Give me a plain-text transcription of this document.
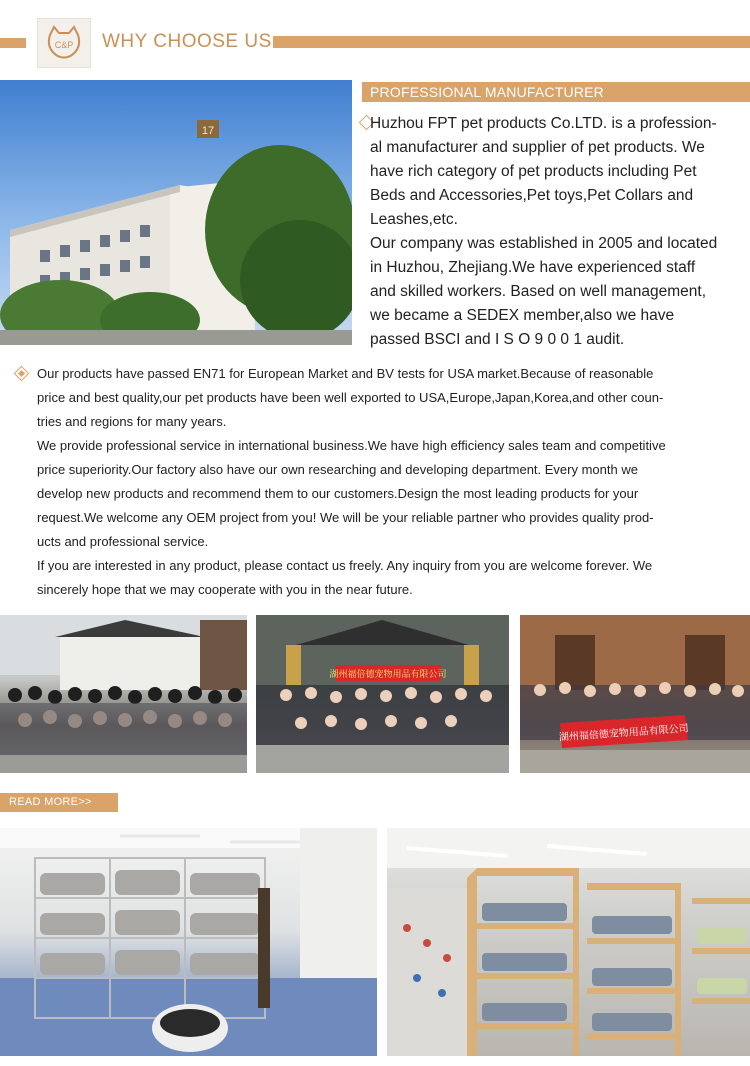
C&P WHY CHOOSE US
17
PROFESSIONAL MANUFACTURER

Huzhou FPT pet products Co.LTD. is a profession-

al manufacturer and supplier of pet products. We

have rich category of pet products including Pet

Beds and Accessories,Pet toys,Pet Collars and

Leashes,etc.

Our company was established in 2005 and located

in Huzhou, Zhejiang.We have experienced staff

and skilled workers. Based on well management,

we became a SEDEX member,also we have

passed BSCI and I S O 9 0 0 1 audit.

Our products have passed EN71 for European Market and BV tests for USA market.Because of reasonable

price and best quality,our pet products have been well exported to USA,Europe,Japan,Korea,and other coun-

tries and regions for many years.

We provide professional service in international business.We have high efficiency sales team and competitive

price superiority.Our factory also have our own researching and developing department. Every month we

develop new products and recommend them to our customers.Design the most leading products for your

request.We welcome any OEM project from you! We will be your reliable partner who provides quality prod-

ucts and professional service.

If you are interested in any product, please contact us freely. Any inquiry from you are welcome forever. We

sincerely hope that we may cooperate with you in the near future.

湖州福倍德宠物用品有限公司
湖州福倍德宠物用品有限公司
READ MORE>>
